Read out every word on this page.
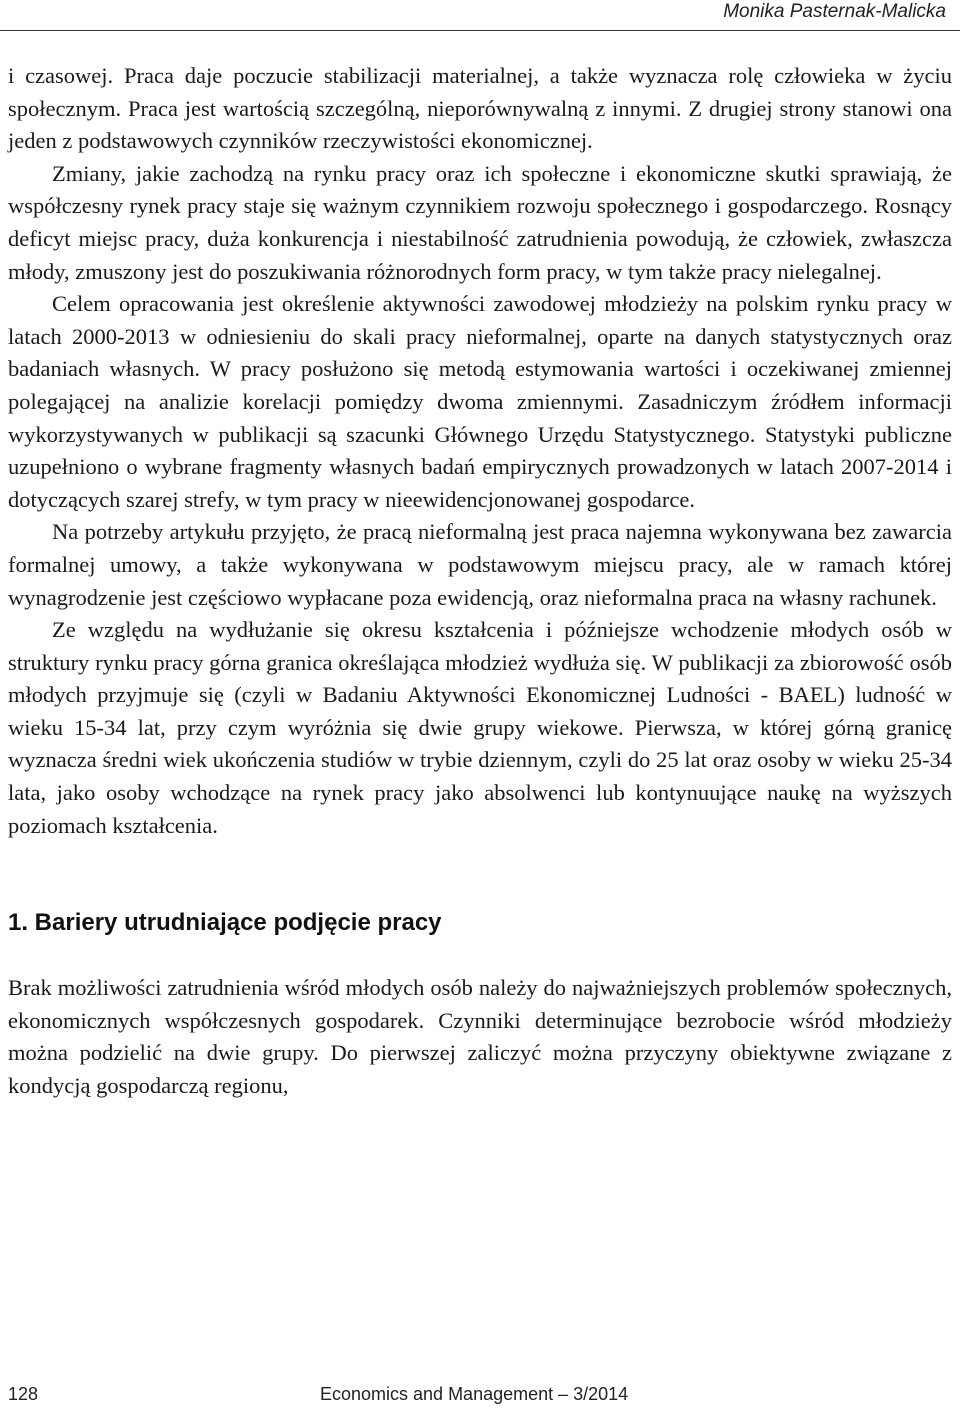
Monika Pasternak-Malicka

i czasowej. Praca daje poczucie stabilizacji materialnej, a także wyznacza rolę człowieka w życiu społecznym. Praca jest wartością szczególną, nieporównywalną z innymi. Z drugiej strony stanowi ona jeden z podstawowych czynników rzeczywistości ekonomicznej.

Zmiany, jakie zachodzą na rynku pracy oraz ich społeczne i ekonomiczne skutki sprawiają, że współczesny rynek pracy staje się ważnym czynnikiem rozwoju społecznego i gospodarczego. Rosnący deficyt miejsc pracy, duża konkurencja i niestabilność zatrudnienia powodują, że człowiek, zwłaszcza młody, zmuszony jest do poszukiwania różnorodnych form pracy, w tym także pracy nielegalnej.

Celem opracowania jest określenie aktywności zawodowej młodzieży na polskim rynku pracy w latach 2000-2013 w odniesieniu do skali pracy nieformalnej, oparte na danych statystycznych oraz badaniach własnych. W pracy posłużono się metodą estymowania wartości i oczekiwanej zmiennej polegającej na analizie korelacji pomiędzy dwoma zmiennymi. Zasadniczym źródłem informacji wykorzystywanych w publikacji są szacunki Głównego Urzędu Statystycznego. Statystyki publiczne uzupełniono o wybrane fragmenty własnych badań empirycznych prowadzonych w latach 2007-2014 i dotyczących szarej strefy, w tym pracy w nieewidencjonowanej gospodarce.

Na potrzeby artykułu przyjęto, że pracą nieformalną jest praca najemna wykonywana bez zawarcia formalnej umowy, a także wykonywana w podstawowym miejscu pracy, ale w ramach której wynagrodzenie jest częściowo wypłacane poza ewidencją, oraz nieformalna praca na własny rachunek.

Ze względu na wydłużanie się okresu kształcenia i późniejsze wchodzenie młodych osób w struktury rynku pracy górna granica określająca młodzież wydłuża się. W publikacji za zbiorowość osób młodych przyjmuje się (czyli w Badaniu Aktywności Ekonomicznej Ludności - BAEL) ludność w wieku 15-34 lat, przy czym wyróżnia się dwie grupy wiekowe. Pierwsza, w której górną granicę wyznacza średni wiek ukończenia studiów w trybie dziennym, czyli do 25 lat oraz osoby w wieku 25-34 lata, jako osoby wchodzące na rynek pracy jako absolwenci lub kontynuujące naukę na wyższych poziomach kształcenia.

1. Bariery utrudniające podjęcie pracy

Brak możliwości zatrudnienia wśród młodych osób należy do najważniejszych problemów społecznych, ekonomicznych współczesnych gospodarek. Czynniki determinujące bezrobocie wśród młodzieży można podzielić na dwie grupy. Do pierwszej zaliczyć można przyczyny obiektywne związane z kondycją gospodarczą regionu,

128	Economics and Management – 3/2014
